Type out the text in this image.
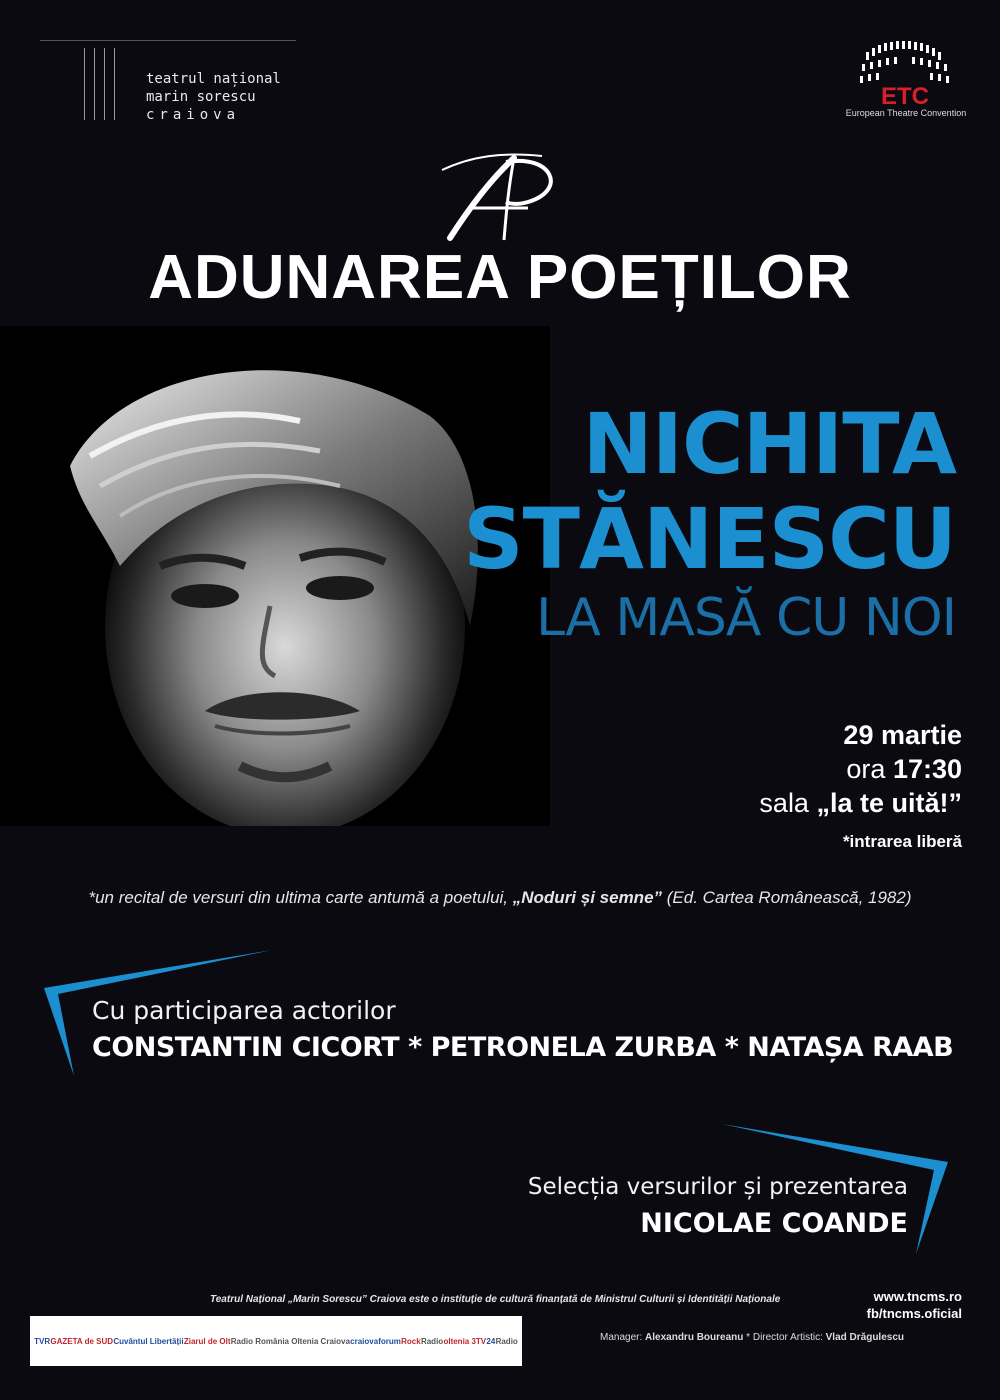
teatrul național
marin sorescu
craiova
ETC
European Theatre Convention
ADUNAREA POEȚILOR
NICHITA
STĂNESCU
LA MASĂ CU NOI
29 martie
ora 17:30
sala „la te uită!”
*intrarea liberă
*un recital de versuri din ultima carte antumă a poetului, „Noduri și semne” (Ed. Cartea Românească, 1982)
Cu participarea actorilor
CONSTANTIN CICORT * PETRONELA ZURBA * NATAȘA RAAB
Selecția versurilor și prezentarea
NICOLAE COANDE
Teatrul Național „Marin Sorescu” Craiova este o instituție de cultură finanțată de Ministrul Culturii și Identității Naționale	www.tncms.ro
fb/tncms.oficial
Manager: Alexandru Boureanu * Director Artistic: Vlad Drăgulescu
TVR GAZETA de SUD Cuvântul Libertății Ziarul de Olt Radio România Oltenia Craiova craiovaforum Rock Radio oltenia 3TV 24 Radio
